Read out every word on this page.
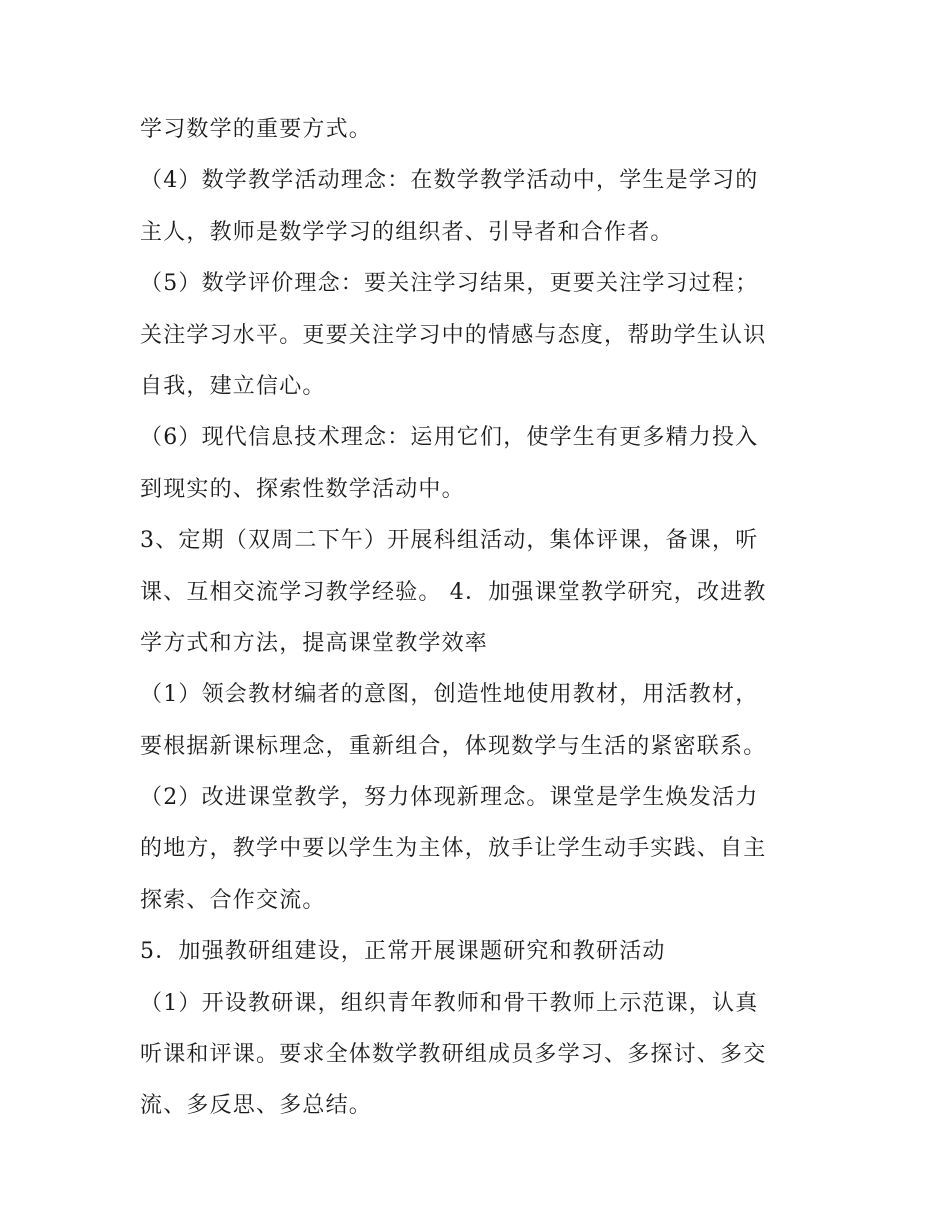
学习数学的重要方式。
（4）数学教学活动理念：在数学教学活动中，学生是学习的
主人，教师是数学学习的组织者、引导者和合作者。
（5）数学评价理念：要关注学习结果，更要关注学习过程；
关注学习水平。更要关注学习中的情感与态度，帮助学生认识
自我，建立信心。
（6）现代信息技术理念：运用它们，使学生有更多精力投入
到现实的、探索性数学活动中。
3、定期（双周二下午）开展科组活动，集体评课，备课，听
课、互相交流学习教学经验。 4．加强课堂教学研究，改进教
学方式和方法，提高课堂教学效率
（1）领会教材编者的意图，创造性地使用教材，用活教材，
要根据新课标理念，重新组合，体现数学与生活的紧密联系。
（2）改进课堂教学，努力体现新理念。课堂是学生焕发活力
的地方，教学中要以学生为主体，放手让学生动手实践、自主
探索、合作交流。
5．加强教研组建设，正常开展课题研究和教研活动
（1）开设教研课，组织青年教师和骨干教师上示范课，认真
听课和评课。要求全体数学教研组成员多学习、多探讨、多交
流、多反思、多总结。
